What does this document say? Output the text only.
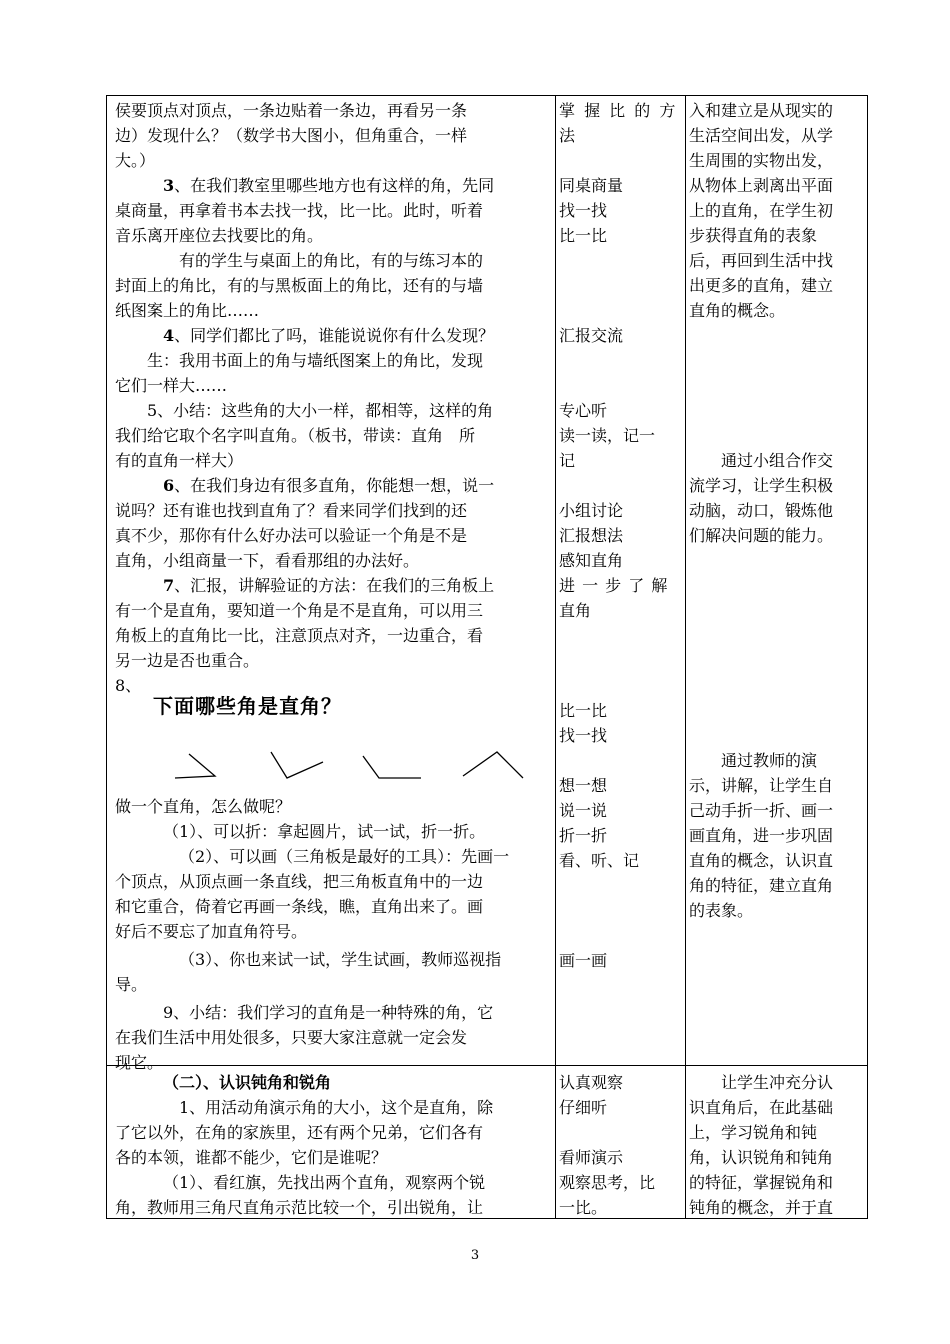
侯要顶点对顶点，一条边贴着一条边，再看另一条

边）发现什么？（数学书大图小，但角重合，一样

大。）

3、在我们教室里哪些地方也有这样的角，先同

桌商量，再拿着书本去找一找，比一比。此时，听着

音乐离开座位去找要比的角。

有的学生与桌面上的角比，有的与练习本的

封面上的角比，有的与黑板面上的角比，还有的与墙

纸图案上的角比……

4、同学们都比了吗，谁能说说你有什么发现？

生：我用书面上的角与墙纸图案上的角比，发现

它们一样大……

5、小结：这些角的大小一样，都相等，这样的角

我们给它取个名字叫直角。（板书，带读：直角　所

有的直角一样大）

6、在我们身边有很多直角，你能想一想，说一

说吗？还有谁也找到直角了？看来同学们找到的还

真不少，那你有什么好办法可以验证一个角是不是

直角，小组商量一下，看看那组的办法好。

7、汇报，讲解验证的方法：在我们的三角板上

有一个是直角，要知道一个角是不是直角，可以用三

角板上的直角比一比，注意顶点对齐，一边重合，看

另一边是否也重合。

8、

下面哪些角是直角？

做一个直角，怎么做呢？

（1）、可以折：拿起圆片，试一试，折一折。

（2）、可以画（三角板是最好的工具）：先画一

个顶点，从顶点画一条直线，把三角板直角中的一边

和它重合，倚着它再画一条线，瞧，直角出来了。画

好后不要忘了加直角符号。

（3）、你也来试一试，学生试画，教师巡视指

导。

9、小结：我们学习的直角是一种特殊的角，它

在我们生活中用处很多，只要大家注意就一定会发

现它。

（二）、认识钝角和锐角

1、用活动角演示角的大小，这个是直角，除

了它以外，在角的家族里，还有两个兄弟，它们各有

各的本领，谁都不能少，它们是谁呢？

（1）、看红旗，先找出两个直角，观察两个锐

角，教师用三角尺直角示范比较一个，引出锐角，让

掌 握 比 的 方

法

同桌商量

找一找

比一比

汇报交流

专心听

读一读，记一

记

小组讨论

汇报想法

感知直角

进 一 步 了 解

直角

比一比

找一找

想一想

说一说

折一折

看、听、记

画一画

认真观察

仔细听

看师演示

观察思考，比

一比。

入和建立是从现实的

生活空间出发，从学

生周围的实物出发，

从物体上剥离出平面

上的直角，在学生初

步获得直角的表象

后，再回到生活中找

出更多的直角，建立

直角的概念。

通过小组合作交

流学习，让学生积极

动脑，动口，锻炼他

们解决问题的能力。

通过教师的演

示，讲解，让学生自

己动手折一折、画一

画直角，进一步巩固

直角的概念，认识直

角的特征，建立直角

的表象。

让学生冲充分认

识直角后，在此基础

上，学习锐角和钝

角，认识锐角和钝角

的特征，掌握锐角和

钝角的概念，并于直

3
